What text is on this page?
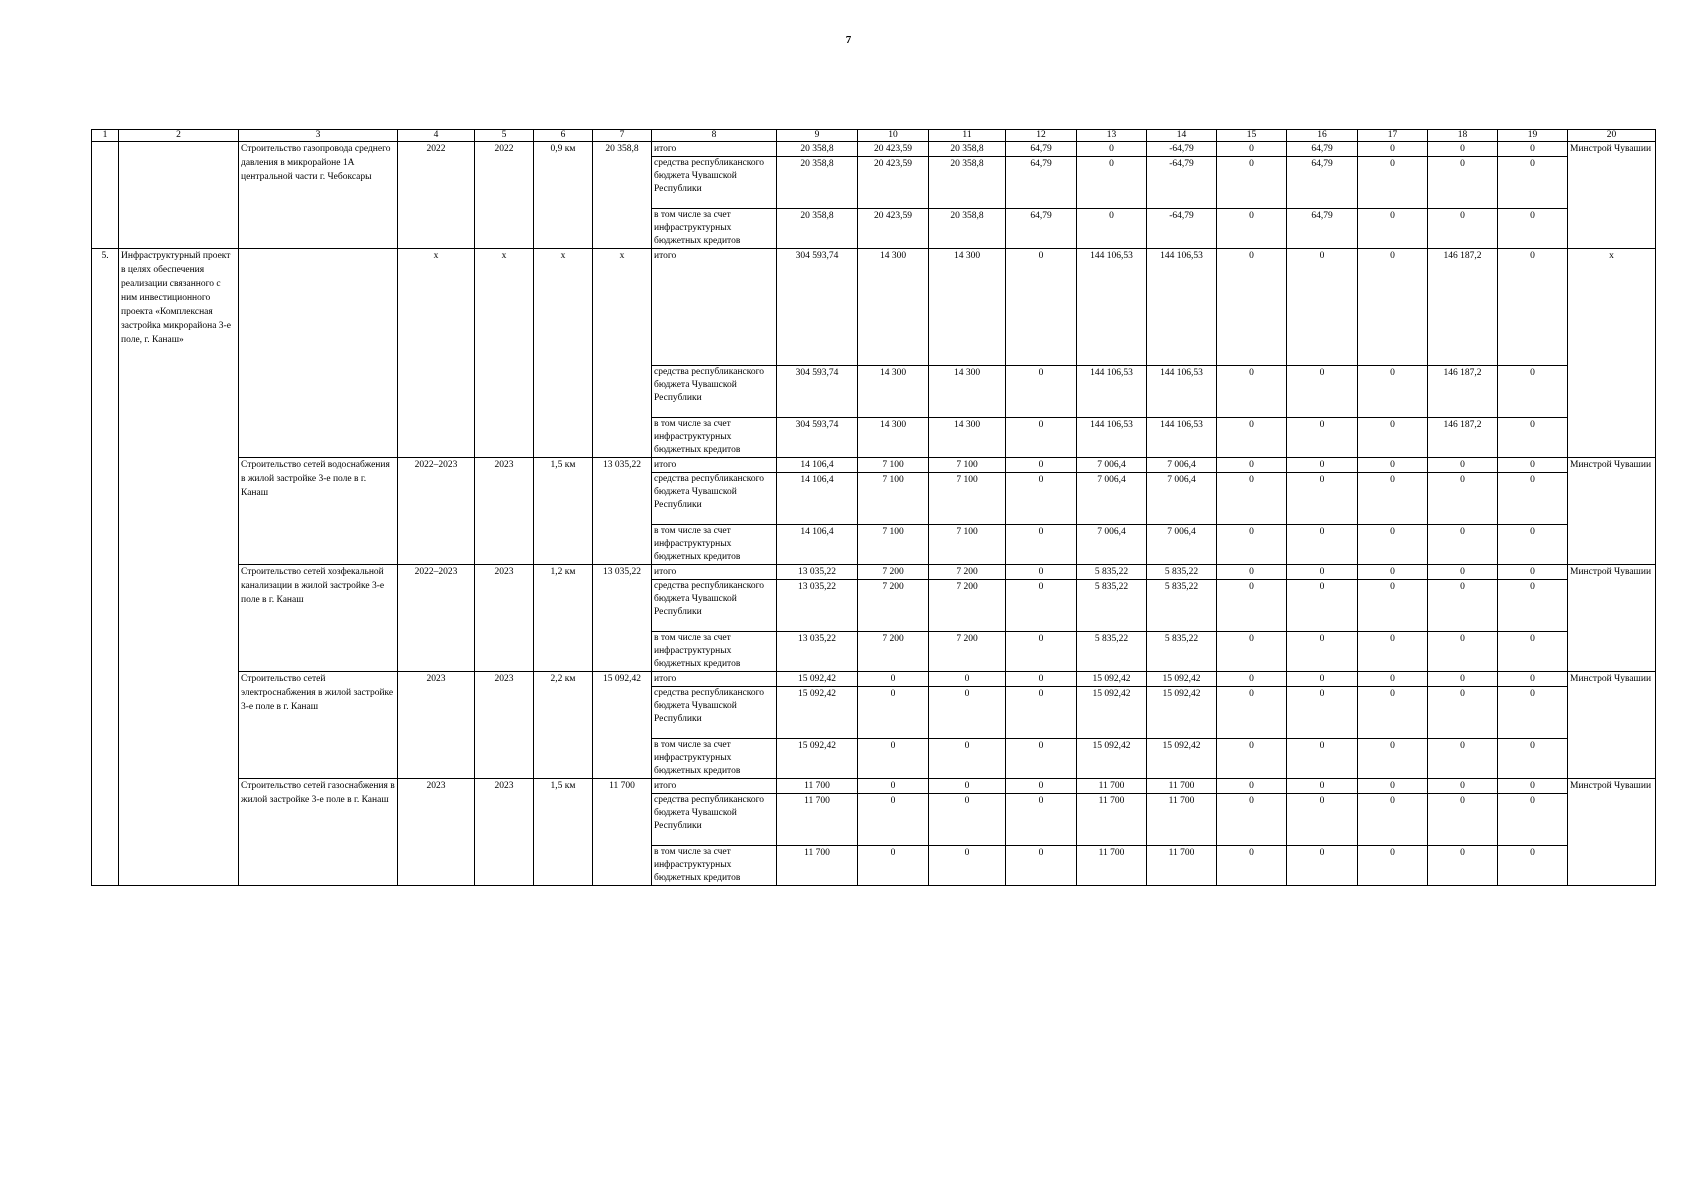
7
1	2	3	4	5	6	7	8	9	10	11	12	13	14	15	16	17	18	19	20
		Строительство газопровода среднего давления в микрорайоне 1А центральной части г. Чебоксары	2022	2022	0,9 км	20 358,8	итого	20 358,8	20 423,59	20 358,8	64,79	0	-64,79	0	64,79	0	0	0	Минстрой Чувашии
							средства республиканского бюджета Чувашской Республики	20 358,8	20 423,59	20 358,8	64,79	0	-64,79	0	64,79	0	0	0	
							в том числе за счет инфраструктурных бюджетных кредитов	20 358,8	20 423,59	20 358,8	64,79	0	-64,79	0	64,79	0	0	0	
5.	Инфраструктурный проект в целях обеспечения реализации связанного с ним инвестиционного проекта «Комплексная застройка микрорайона 3-е поле, г. Канаш»		x	x	x	x	итого	304 593,74	14 300	14 300	0	144 106,53	144 106,53	0	0	0	146 187,2	0	x
							средства республиканского бюджета Чувашской Республики	304 593,74	14 300	14 300	0	144 106,53	144 106,53	0	0	0	146 187,2	0	
							в том числе за счет инфраструктурных бюджетных кредитов	304 593,74	14 300	14 300	0	144 106,53	144 106,53	0	0	0	146 187,2	0	
		Строительство сетей водоснабжения в жилой застройке 3-е поле в г. Канаш	2022–2023	2023	1,5 км	13 035,22	итого	14 106,4	7 100	7 100	0	7 006,4	7 006,4	0	0	0	0	0	Минстрой Чувашии
							средства республиканского бюджета Чувашской Республики	14 106,4	7 100	7 100	0	7 006,4	7 006,4	0	0	0	0	0	
							в том числе за счет инфраструктурных бюджетных кредитов	14 106,4	7 100	7 100	0	7 006,4	7 006,4	0	0	0	0	0	
		Строительство сетей хозфекальной канализации в жилой застройке 3-е поле в г. Канаш	2022–2023	2023	1,2 км	13 035,22	итого	13 035,22	7 200	7 200	0	5 835,22	5 835,22	0	0	0	0	0	Минстрой Чувашии
							средства республиканского бюджета Чувашской Республики	13 035,22	7 200	7 200	0	5 835,22	5 835,22	0	0	0	0	0	
							в том числе за счет инфраструктурных бюджетных кредитов	13 035,22	7 200	7 200	0	5 835,22	5 835,22	0	0	0	0	0	
		Строительство сетей электроснабжения в жилой застройке 3-е поле в г. Канаш	2023	2023	2,2 км	15 092,42	итого	15 092,42	0	0	0	15 092,42	15 092,42	0	0	0	0	0	Минстрой Чувашии
							средства республиканского бюджета Чувашской Республики	15 092,42	0	0	0	15 092,42	15 092,42	0	0	0	0	0	
							в том числе за счет инфраструктурных бюджетных кредитов	15 092,42	0	0	0	15 092,42	15 092,42	0	0	0	0	0	
		Строительство сетей газоснабжения в жилой застройке 3-е поле в г. Канаш	2023	2023	1,5 км	11 700	итого	11 700	0	0	0	11 700	11 700	0	0	0	0	0	Минстрой Чувашии
							средства республиканского бюджета Чувашской Республики	11 700	0	0	0	11 700	11 700	0	0	0	0	0	
							в том числе за счет инфраструктурных бюджетных кредитов	11 700	0	0	0	11 700	11 700	0	0	0	0	0	
